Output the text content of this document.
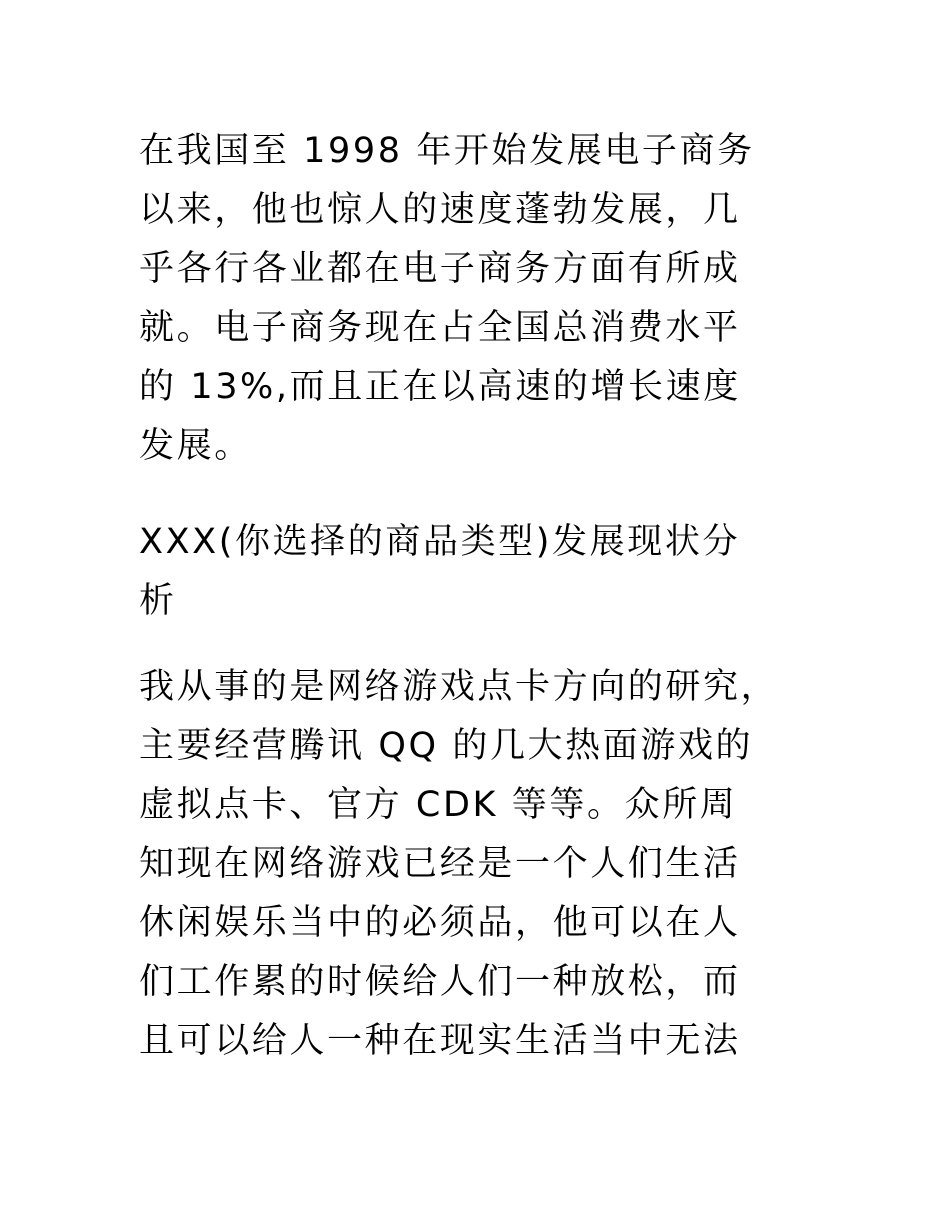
在我国至 1998 年开始发展电子商务
以来，他也惊人的速度蓬勃发展，几
乎各行各业都在电子商务方面有所成
就。电子商务现在占全国总消费水平
的 13%,而且正在以高速的增长速度
发展。
XXX(你选择的商品类型)发展现状分
析
我从事的是网络游戏点卡方向的研究，
主要经营腾讯 QQ 的几大热面游戏的
虚拟点卡、官方 CDK 等等。众所周
知现在网络游戏已经是一个人们生活
休闲娱乐当中的必须品，他可以在人
们工作累的时候给人们一种放松，而
且可以给人一种在现实生活当中无法
